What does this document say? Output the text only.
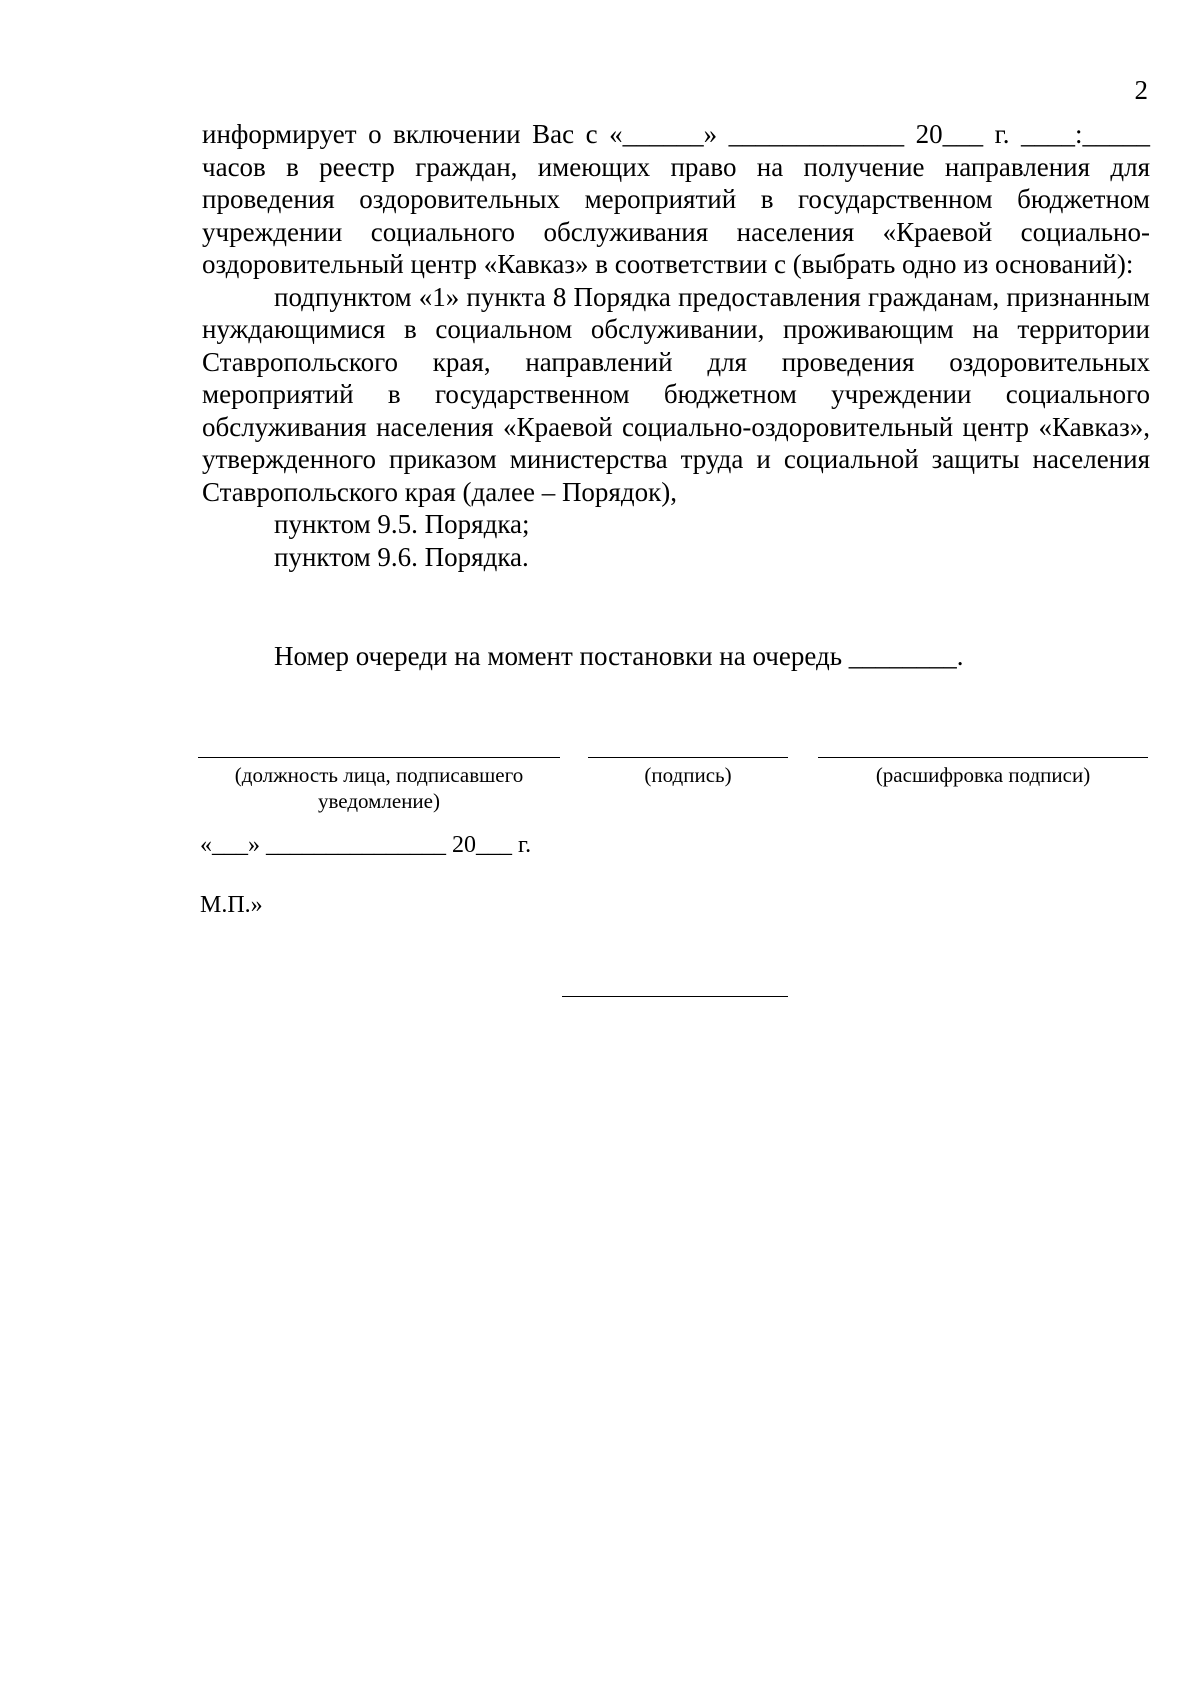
2

информирует о включении Вас с «______» _____________ 20___ г. ____:_____ часов в реестр граждан, имеющих право на получение направления для проведения оздоровительных мероприятий в государственном бюджетном учреждении социального обслуживания населения «Краевой социально-оздоровительный центр «Кавказ» в соответствии с (выбрать одно из оснований):

подпунктом «1» пункта 8 Порядка предоставления гражданам, признанным нуждающимися в социальном обслуживании, проживающим на территории Ставропольского края, направлений для проведения оздоровительных мероприятий в государственном бюджетном учреждении социального обслуживания населения «Краевой социально-оздоровительный центр «Кавказ», утвержденного приказом министерства труда и социальной защиты населения Ставропольского края (далее – Порядок),

пунктом 9.5. Порядка;

пунктом 9.6. Порядка.

Номер очереди на момент постановки на очередь ________.
(должность лица, подписавшего уведомление)
(подпись)	(расшифровка подписи)
«___» _______________ 20___ г.
М.П.»
